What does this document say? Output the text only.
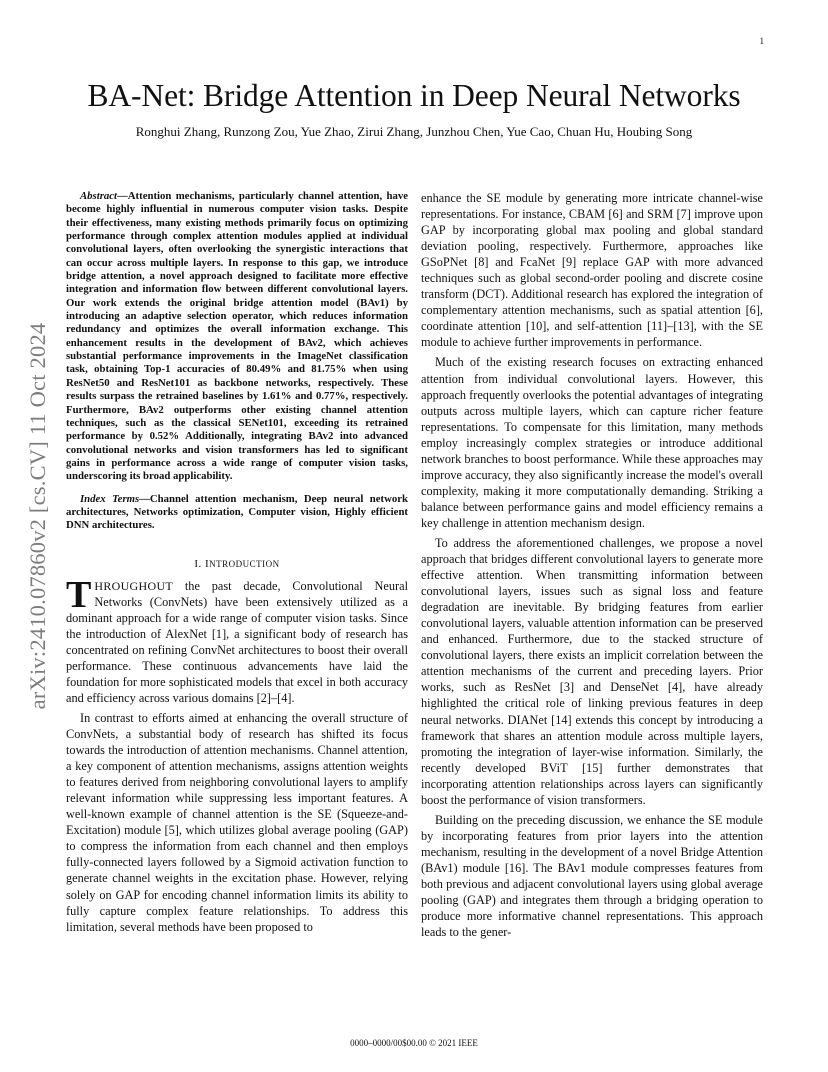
1
arXiv:2410.07860v2 [cs.CV] 11 Oct 2024
BA-Net: Bridge Attention in Deep Neural Networks
Ronghui Zhang, Runzong Zou, Yue Zhao, Zirui Zhang, Junzhou Chen, Yue Cao, Chuan Hu, Houbing Song

Abstract—Attention mechanisms, particularly channel attention, have become highly influential in numerous computer vision tasks. Despite their effectiveness, many existing methods primarily focus on optimizing performance through complex attention modules applied at individual convolutional layers, often overlooking the synergistic interactions that can occur across multiple layers. In response to this gap, we introduce bridge attention, a novel approach designed to facilitate more effective integration and information flow between different convolutional layers. Our work extends the original bridge attention model (BAv1) by introducing an adaptive selection operator, which reduces information redundancy and optimizes the overall information exchange. This enhancement results in the development of BAv2, which achieves substantial performance improvements in the ImageNet classification task, obtaining Top-1 accuracies of 80.49% and 81.75% when using ResNet50 and ResNet101 as backbone networks, respectively. These results surpass the retrained baselines by 1.61% and 0.77%, respectively. Furthermore, BAv2 outperforms other existing channel attention techniques, such as the classical SENet101, exceeding its retrained performance by 0.52% Additionally, integrating BAv2 into advanced convolutional networks and vision transformers has led to significant gains in performance across a wide range of computer vision tasks, underscoring its broad applicability.

Index Terms—Channel attention mechanism, Deep neural network architectures, Networks optimization, Computer vision, Highly efficient DNN architectures.

I. INTRODUCTION

THROUGHOUT the past decade, Convolutional Neural Networks (ConvNets) have been extensively utilized as a dominant approach for a wide range of computer vision tasks. Since the introduction of AlexNet [1], a significant body of research has concentrated on refining ConvNet architectures to boost their overall performance. These continuous advancements have laid the foundation for more sophisticated models that excel in both accuracy and efficiency across various domains [2]–[4].

In contrast to efforts aimed at enhancing the overall structure of ConvNets, a substantial body of research has shifted its focus towards the introduction of attention mechanisms. Channel attention, a key component of attention mechanisms, assigns attention weights to features derived from neighboring convolutional layers to amplify relevant information while suppressing less important features. A well-known example of channel attention is the SE (Squeeze-and-Excitation) module [5], which utilizes global average pooling (GAP) to compress the information from each channel and then employs fully-connected layers followed by a Sigmoid activation function to generate channel weights in the excitation phase. However, relying solely on GAP for encoding channel information limits its ability to fully capture complex feature relationships. To address this limitation, several methods have been proposed to

enhance the SE module by generating more intricate channel-wise representations. For instance, CBAM [6] and SRM [7] improve upon GAP by incorporating global max pooling and global standard deviation pooling, respectively. Furthermore, approaches like GSoPNet [8] and FcaNet [9] replace GAP with more advanced techniques such as global second-order pooling and discrete cosine transform (DCT). Additional research has explored the integration of complementary attention mechanisms, such as spatial attention [6], coordinate attention [10], and self-attention [11]–[13], with the SE module to achieve further improvements in performance.

Much of the existing research focuses on extracting enhanced attention from individual convolutional layers. However, this approach frequently overlooks the potential advantages of integrating outputs across multiple layers, which can capture richer feature representations. To compensate for this limitation, many methods employ increasingly complex strategies or introduce additional network branches to boost performance. While these approaches may improve accuracy, they also significantly increase the model's overall complexity, making it more computationally demanding. Striking a balance between performance gains and model efficiency remains a key challenge in attention mechanism design.

To address the aforementioned challenges, we propose a novel approach that bridges different convolutional layers to generate more effective attention. When transmitting information between convolutional layers, issues such as signal loss and feature degradation are inevitable. By bridging features from earlier convolutional layers, valuable attention information can be preserved and enhanced. Furthermore, due to the stacked structure of convolutional layers, there exists an implicit correlation between the attention mechanisms of the current and preceding layers. Prior works, such as ResNet [3] and DenseNet [4], have already highlighted the critical role of linking previous features in deep neural networks. DIANet [14] extends this concept by introducing a framework that shares an attention module across multiple layers, promoting the integration of layer-wise information. Similarly, the recently developed BViT [15] further demonstrates that incorporating attention relationships across layers can significantly boost the performance of vision transformers.

Building on the preceding discussion, we enhance the SE module by incorporating features from prior layers into the attention mechanism, resulting in the development of a novel Bridge Attention (BAv1) module [16]. The BAv1 module compresses features from both previous and adjacent convolutional layers using global average pooling (GAP) and integrates them through a bridging operation to produce more informative channel representations. This approach leads to the gener-

0000–0000/00$00.00 © 2021 IEEE
